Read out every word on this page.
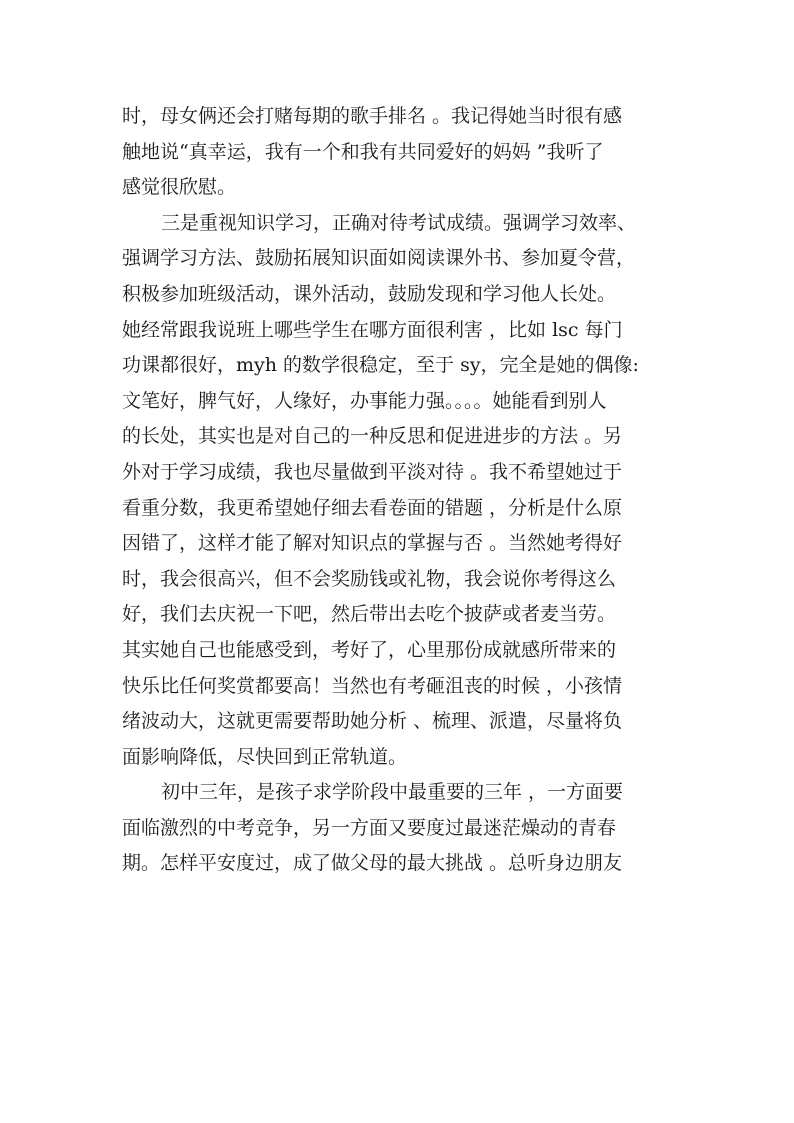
时，母女俩还会打赌每期的歌手排名 。我记得她当时很有感
触地说“真幸运，我有一个和我有共同爱好的妈妈 ”我听了
感觉很欣慰。
三是重视知识学习，正确对待考试成绩。强调学习效率、
强调学习方法、鼓励拓展知识面如阅读课外书、参加夏令营，
积极参加班级活动，课外活动，鼓励发现和学习他人长处。
她经常跟我说班上哪些学生在哪方面很利害 ，比如 lsc 每门
功课都很好，myh 的数学很稳定，至于 sy，完全是她的偶像:
文笔好，脾气好，人缘好，办事能力强。。。。她能看到别人
的长处，其实也是对自己的一种反思和促进进步的方法 。另
外对于学习成绩，我也尽量做到平淡对待 。我不希望她过于
看重分数，我更希望她仔细去看卷面的错题 ，分析是什么原
因错了，这样才能了解对知识点的掌握与否 。当然她考得好
时，我会很高兴，但不会奖励钱或礼物，我会说你考得这么
好，我们去庆祝一下吧，然后带出去吃个披萨或者麦当劳。
其实她自己也能感受到，考好了，心里那份成就感所带来的
快乐比任何奖赏都要高！当然也有考砸沮丧的时候 ，小孩情
绪波动大，这就更需要帮助她分析 、梳理、派遣，尽量将负
面影响降低，尽快回到正常轨道。
初中三年，是孩子求学阶段中最重要的三年 ，一方面要
面临激烈的中考竞争，另一方面又要度过最迷茫燥动的青春
期。怎样平安度过，成了做父母的最大挑战 。总听身边朋友
